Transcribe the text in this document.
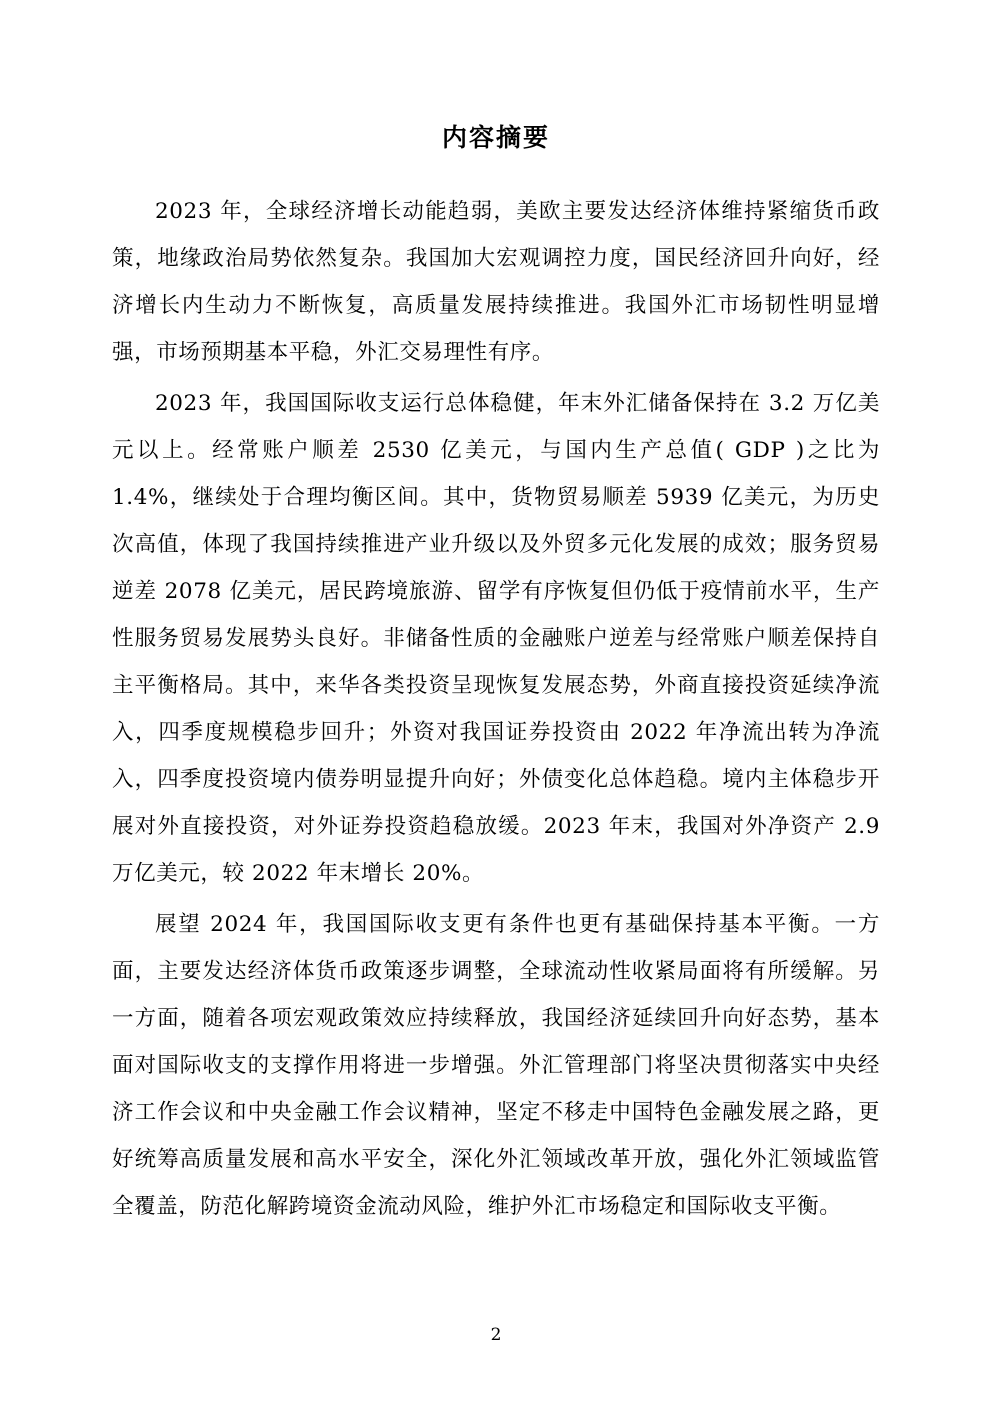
内容摘要

2023 年，全球经济增长动能趋弱，美欧主要发达经济体维持紧缩货币政策，地缘政治局势依然复杂。我国加大宏观调控力度，国民经济回升向好，经济增长内生动力不断恢复，高质量发展持续推进。我国外汇市场韧性明显增强，市场预期基本平稳，外汇交易理性有序。

2023 年，我国国际收支运行总体稳健，年末外汇储备保持在 3.2 万亿美元以上。经常账户顺差 2530 亿美元，与国内生产总值( GDP )之比为 1.4%，继续处于合理均衡区间。其中，货物贸易顺差 5939 亿美元，为历史次高值，体现了我国持续推进产业升级以及外贸多元化发展的成效；服务贸易逆差 2078 亿美元，居民跨境旅游、留学有序恢复但仍低于疫情前水平，生产性服务贸易发展势头良好。非储备性质的金融账户逆差与经常账户顺差保持自主平衡格局。其中，来华各类投资呈现恢复发展态势，外商直接投资延续净流入，四季度规模稳步回升；外资对我国证券投资由 2022 年净流出转为净流入，四季度投资境内债券明显提升向好；外债变化总体趋稳。境内主体稳步开展对外直接投资，对外证券投资趋稳放缓。2023 年末，我国对外净资产 2.9 万亿美元，较 2022 年末增长 20%。

展望 2024 年，我国国际收支更有条件也更有基础保持基本平衡。一方面，主要发达经济体货币政策逐步调整，全球流动性收紧局面将有所缓解。另一方面，随着各项宏观政策效应持续释放，我国经济延续回升向好态势，基本面对国际收支的支撑作用将进一步增强。外汇管理部门将坚决贯彻落实中央经济工作会议和中央金融工作会议精神，坚定不移走中国特色金融发展之路，更好统筹高质量发展和高水平安全，深化外汇领域改革开放，强化外汇领域监管全覆盖，防范化解跨境资金流动风险，维护外汇市场稳定和国际收支平衡。

2
